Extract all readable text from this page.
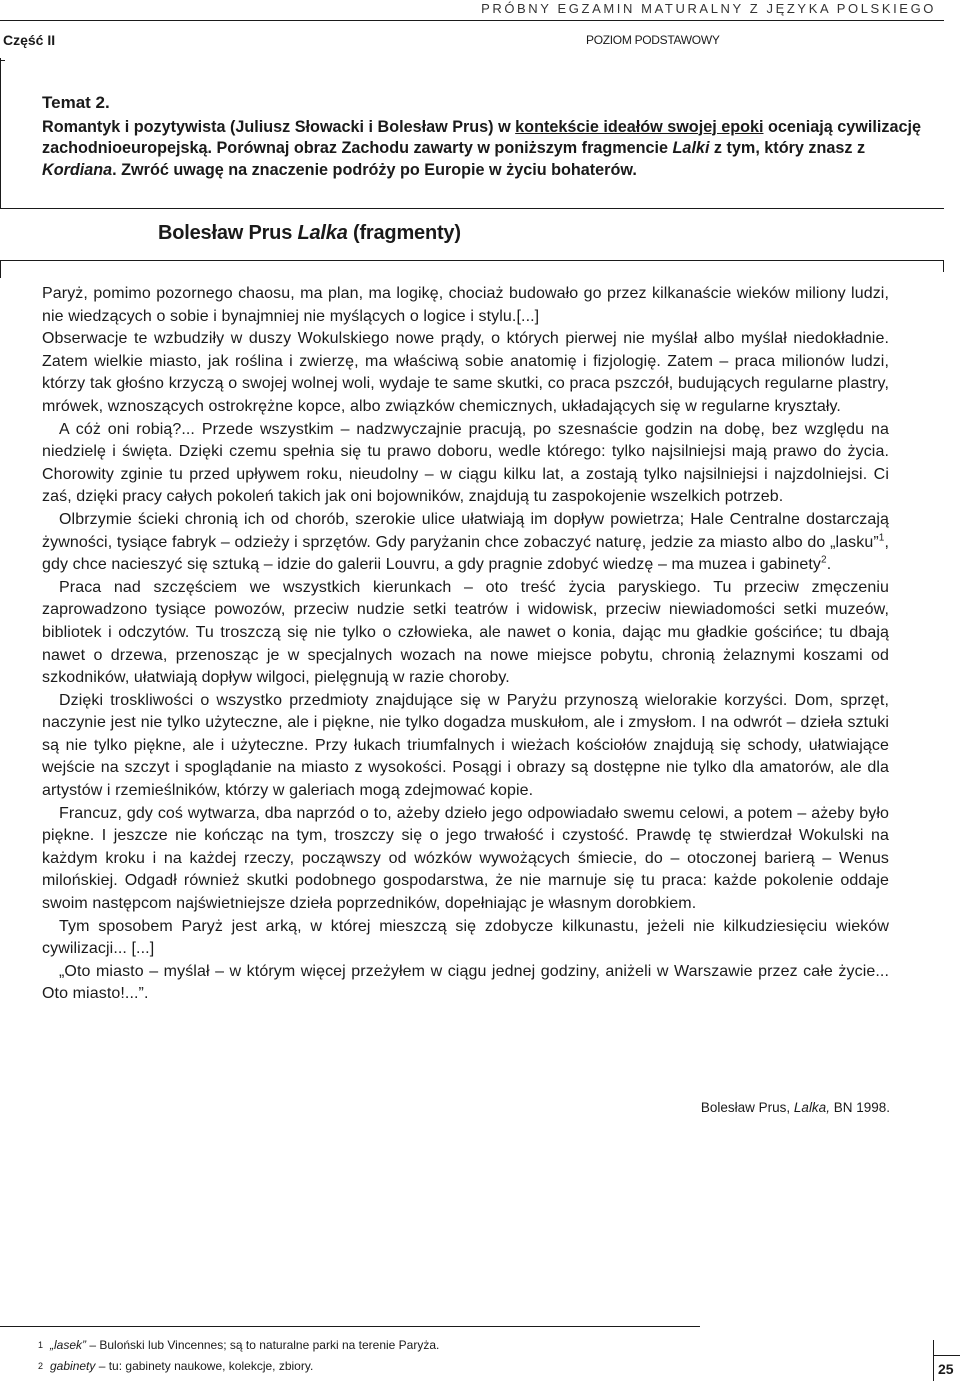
PRÓBNY EGZAMIN MATURALNY Z JĘZYKA POLSKIEGO
Część II	POZIOM PODSTAWOWY

Temat 2.

Romantyk i pozytywista (Juliusz Słowacki i Bolesław Prus) w kontekście ideałów swojej epoki oceniają cywilizację zachodnioeuropejską. Porównaj obraz Zachodu zawarty w poniższym fragmencie Lalki z tym, który znasz z Kordiana. Zwróć uwagę na znaczenie podróży po Europie w życiu bohaterów.

Bolesław Prus Lalka (fragmenty)

Paryż, pomimo pozornego chaosu, ma plan, ma logikę, chociaż budowało go przez kilkanaście wieków miliony ludzi, nie wiedzących o sobie i bynajmniej nie myślących o logice i stylu.[...]

Obserwacje te wzbudziły w duszy Wokulskiego nowe prądy, o których pierwej nie myślał albo myślał niedokładnie. Zatem wielkie miasto, jak roślina i zwierzę, ma właściwą sobie anatomię i fizjologię. Zatem – praca milionów ludzi, którzy tak głośno krzyczą o swojej wolnej woli, wydaje te same skutki, co praca pszczół, budujących regularne plastry, mrówek, wznoszących ostrokrężne kopce, albo związków chemicznych, układających się w regularne kryształy.

A cóż oni robią?... Przede wszystkim – nadzwyczajnie pracują, po szesnaście godzin na dobę, bez względu na niedzielę i święta. Dzięki czemu spełnia się tu prawo doboru, wedle którego: tylko najsilniejsi mają prawo do życia. Chorowity zginie tu przed upływem roku, nieudolny – w ciągu kilku lat, a zostają tylko najsilniejsi i najzdolniejsi. Ci zaś, dzięki pracy całych pokoleń takich jak oni bojowników, znajdują tu zaspokojenie wszelkich potrzeb.

Olbrzymie ścieki chronią ich od chorób, szerokie ulice ułatwiają im dopływ powietrza; Hale Centralne dostarczają żywności, tysiące fabryk – odzieży i sprzętów. Gdy paryżanin chce zobaczyć naturę, jedzie za miasto albo do „lasku”$^1$, gdy chce nacieszyć się sztuką – idzie do galerii Louvru, a gdy pragnie zdobyć wiedzę – ma muzea i gabinety$^2$.

Praca nad szczęściem we wszystkich kierunkach – oto treść życia paryskiego. Tu przeciw zmęczeniu zaprowadzono tysiące powozów, przeciw nudzie setki teatrów i widowisk, przeciw niewiadomości setki muzeów, bibliotek i odczytów. Tu troszczą się nie tylko o człowieka, ale nawet o konia, dając mu gładkie gościńce; tu dbają nawet o drzewa, przenosząc je w specjalnych wozach na nowe miejsce pobytu, chronią żelaznymi koszami od szkodników, ułatwiają dopływ wilgoci, pielęgnują w razie choroby.

Dzięki troskliwości o wszystko przedmioty znajdujące się w Paryżu przynoszą wielorakie korzyści. Dom, sprzęt, naczynie jest nie tylko użyteczne, ale i piękne, nie tylko dogadza muskułom, ale i zmysłom. I na odwrót – dzieła sztuki są nie tylko piękne, ale i użyteczne. Przy łukach triumfalnych i wieżach kościołów znajdują się schody, ułatwiające wejście na szczyt i spoglądanie na miasto z wysokości. Posągi i obrazy są dostępne nie tylko dla amatorów, ale dla artystów i rzemieślników, którzy w galeriach mogą zdejmować kopie.

Francuz, gdy coś wytwarza, dba naprzód o to, ażeby dzieło jego odpowiadało swemu celowi, a potem – ażeby było piękne. I jeszcze nie kończąc na tym, troszczy się o jego trwałość i czystość. Prawdę tę stwierdzał Wokulski na każdym kroku i na każdej rzeczy, począwszy od wózków wywożących śmiecie, do – otoczonej barierą – Wenus milońskiej. Odgadł również skutki podobnego gospodarstwa, że nie marnuje się tu praca: każde pokolenie oddaje swoim następcom najświetniejsze dzieła poprzedników, dopełniając je własnym dorobkiem.

Tym sposobem Paryż jest arką, w której mieszczą się zdobycze kilkunastu, jeżeli nie kilkudziesięciu wieków cywilizacji... [...]

„Oto miasto – myślał – w którym więcej przeżyłem w ciągu jednej godziny, aniżeli w Warszawie przez całe życie... Oto miasto!...”.

Bolesław Prus, Lalka, BN 1998.
1 „lasek” – Buloński lub Vincennes; są to naturalne parki na terenie Paryża.
2 gabinety – tu: gabinety naukowe, kolekcje, zbiory.	25
